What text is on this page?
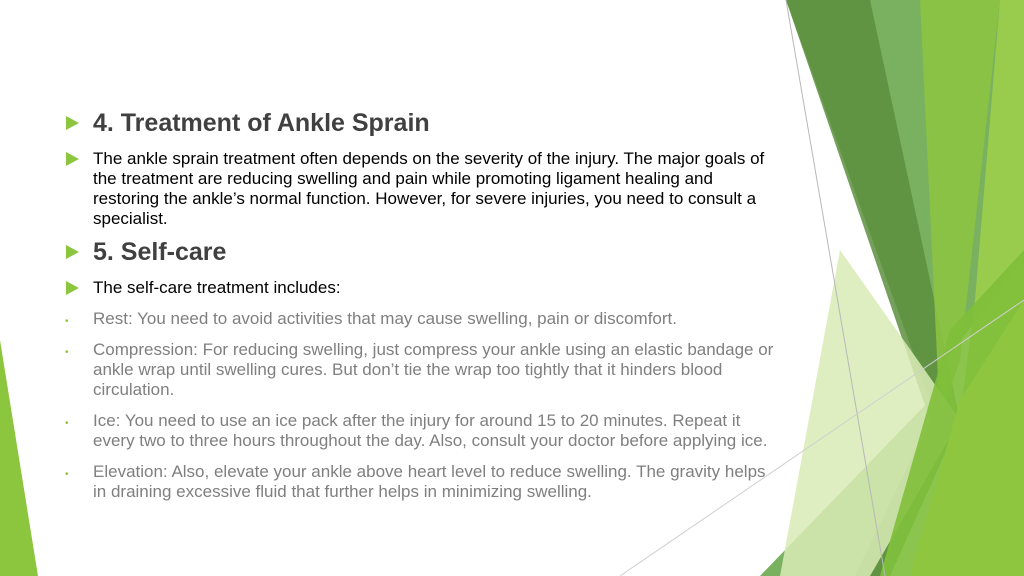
4. Treatment of Ankle Sprain
The ankle sprain treatment often depends on the severity of the injury. The major goals of the treatment are reducing swelling and pain while promoting ligament healing and restoring the ankle’s normal function. However, for severe injuries, you need to consult a specialist.
5. Self-care
The self-care treatment includes:
• Rest: You need to avoid activities that may cause swelling, pain or discomfort.
• Compression: For reducing swelling, just compress your ankle using an elastic bandage or ankle wrap until swelling cures. But don’t tie the wrap too tightly that it hinders blood circulation.
• Ice: You need to use an ice pack after the injury for around 15 to 20 minutes. Repeat it every two to three hours throughout the day. Also, consult your doctor before applying ice.
• Elevation: Also, elevate your ankle above heart level to reduce swelling. The gravity helps in draining excessive fluid that further helps in minimizing swelling.
